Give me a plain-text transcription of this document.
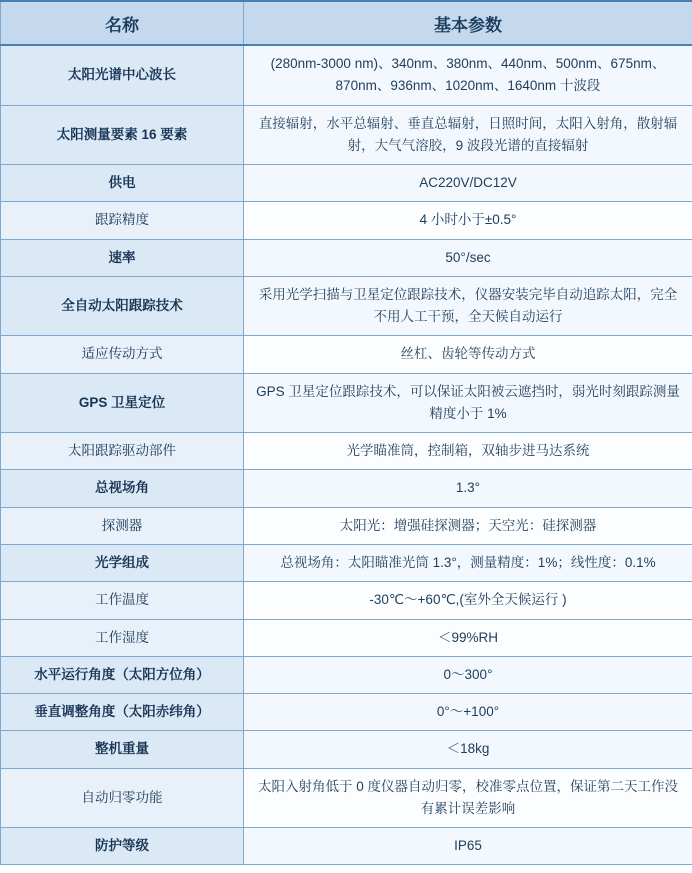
名称	基本参数
太阳光谱中心波长	(280nm-3000 nm)、340nm、380nm、440nm、500nm、675nm、870nm、936nm、1020nm、1640nm 十波段
太阳测量要素 16 要素	直接辐射，水平总辐射、垂直总辐射，日照时间，太阳入射角，散射辐射，大气气溶胶，9 波段光谱的直接辐射
供电	AC220V/DC12V
跟踪精度	4 小时小于±0.5°
速率	50°/sec
全自动太阳跟踪技术	采用光学扫描与卫星定位跟踪技术，仪器安装完毕自动追踪太阳，完全不用人工干预，全天候自动运行
适应传动方式	丝杠、齿轮等传动方式
GPS 卫星定位	GPS 卫星定位跟踪技术，可以保证太阳被云遮挡时，弱光时刻跟踪测量精度小于 1%
太阳跟踪驱动部件	光学瞄准筒，控制箱，双轴步进马达系统
总视场角	1.3°
探测器	太阳光：增强硅探测器；天空光：硅探测器
光学组成	总视场角：太阳瞄准光筒 1.3°，测量精度：1%；线性度：0.1%
工作温度	-30℃～+60℃,(室外全天候运行 )
工作湿度	＜99%RH
水平运行角度（太阳方位角）	0～300°
垂直调整角度（太阳赤纬角）	0°～+100°
整机重量	＜18kg
自动归零功能	太阳入射角低于 0 度仪器自动归零，校准零点位置，保证第二天工作没有累计误差影响
防护等级	IP65
